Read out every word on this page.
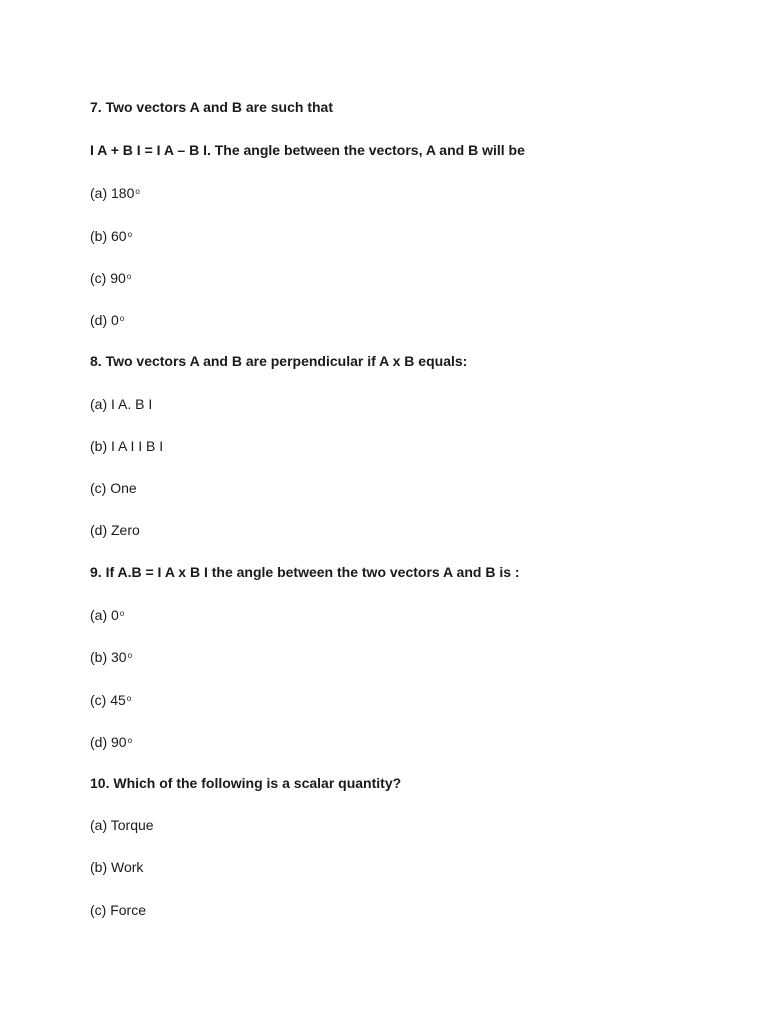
7. Two vectors A and B are such that
I A + B I = I A – B I. The angle between the vectors, A and B will be
(a) 180$^o$
(b) 60$^o$
(c) 90$^o$
(d) 0$^o$
8. Two vectors A and B are perpendicular if A x B equals:
(a) I A. B I
(b) I A I I B I
(c) One
(d) Zero
9. If A.B = I A x B I the angle between the two vectors A and B is :
(a) 0$^o$
(b) 30$^o$
(c) 45$^o$
(d) 90$^o$
10. Which of the following is a scalar quantity?
(a) Torque
(b) Work
(c) Force
